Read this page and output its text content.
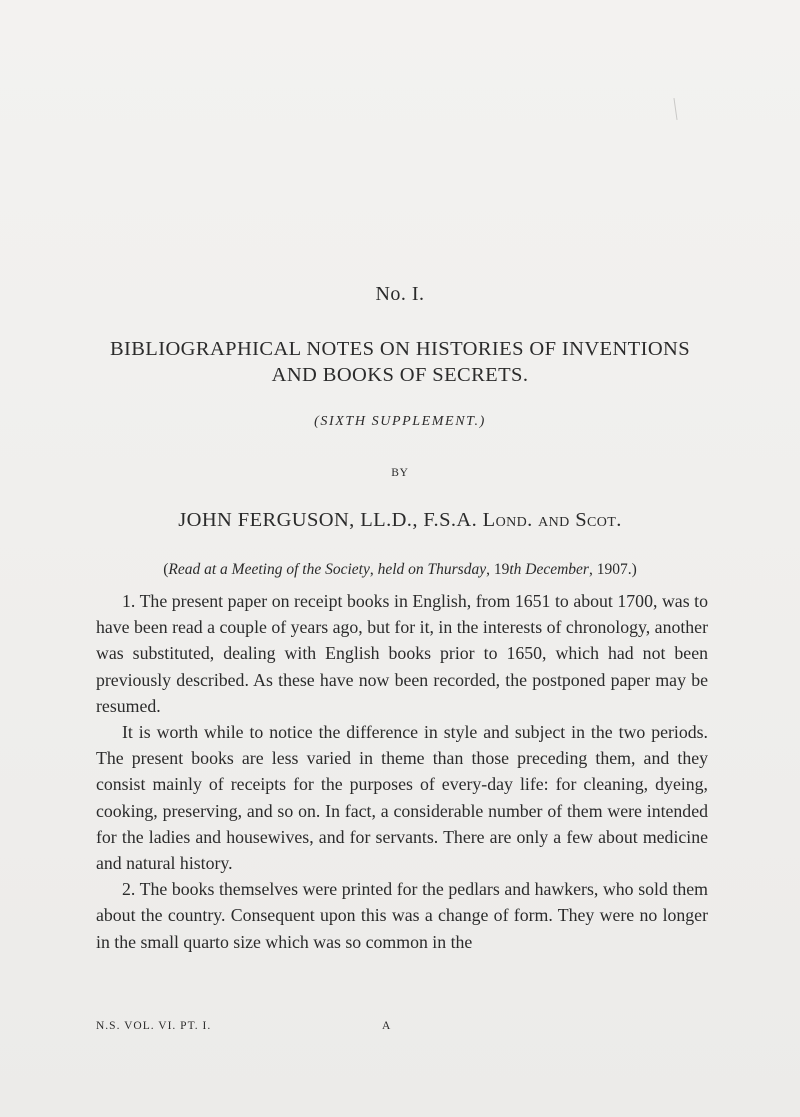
No. I.
BIBLIOGRAPHICAL NOTES ON HISTORIES OF INVENTIONS
AND BOOKS OF SECRETS.
(SIXTH SUPPLEMENT.)
BY
JOHN FERGUSON, LL.D., F.S.A. Lond. and Scot.
(Read at a Meeting of the Society, held on Thursday, 19th December, 1907.)

1. The present paper on receipt books in English, from 1651 to about 1700, was to have been read a couple of years ago, but for it, in the interests of chronology, another was substituted, dealing with English books prior to 1650, which had not been previously described. As these have now been recorded, the postponed paper may be resumed.

It is worth while to notice the difference in style and subject in the two periods. The present books are less varied in theme than those preceding them, and they consist mainly of receipts for the purposes of every-day life: for cleaning, dyeing, cooking, preserving, and so on. In fact, a considerable number of them were intended for the ladies and housewives, and for servants. There are only a few about medicine and natural history.

2. The books themselves were printed for the pedlars and hawkers, who sold them about the country. Consequent upon this was a change of form. They were no longer in the small quarto size which was so common in the

N.S. VOL. VI. PT. I.	A
